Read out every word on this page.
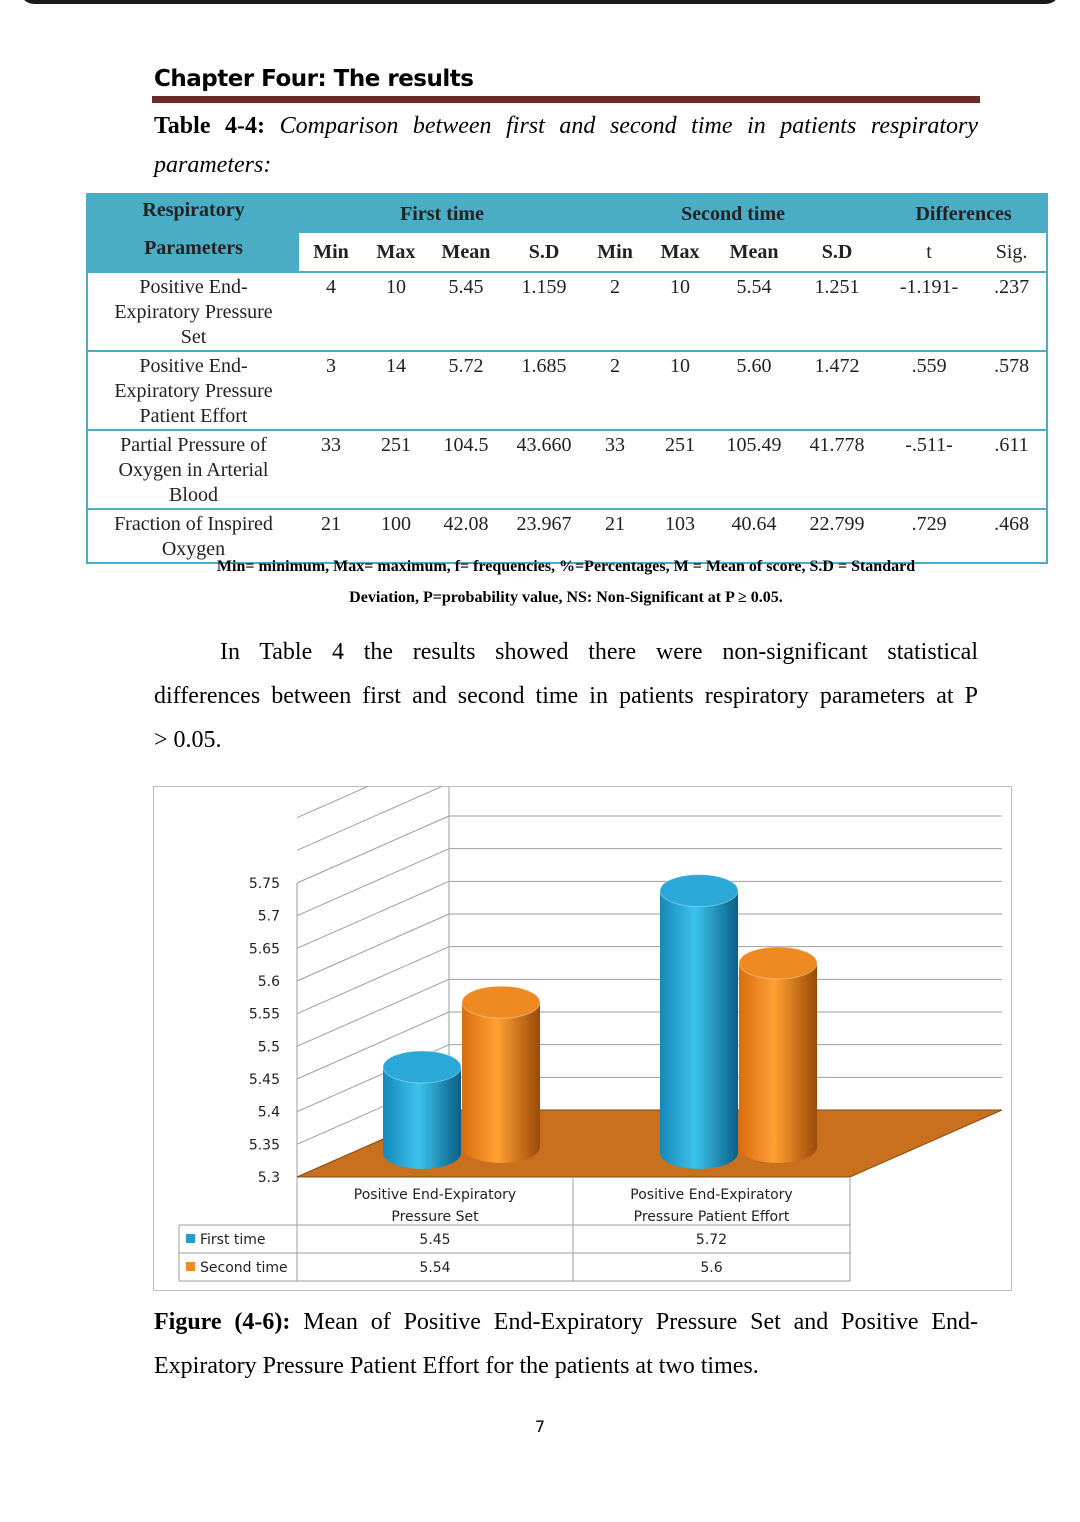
Chapter Four: The results
Table 4-4: Comparison between first and second time in patients respiratory
parameters:
Respiratory
Parameters	First time				Second time				Differences	
	Min	Max	Mean	S.D	Min	Max	Mean	S.D	t	Sig.

Positive End-
Expiratory Pressure
Set	4	10	5.45	1.159	2	10	5.54	1.251	-1.191-	.237

Positive End-
Expiratory Pressure
Patient Effort	3	14	5.72	1.685	2	10	5.60	1.472	.559	.578

Partial Pressure of
Oxygen in Arterial
Blood	33	251	104.5	43.660	33	251	105.49	41.778	-.511-	.611

Fraction of Inspired
Oxygen	21	100	42.08	23.967	21	103	40.64	22.799	.729	.468
Min= minimum, Max= maximum, f= frequencies, %=Percentages, M = Mean of score, S.D = Standard
Deviation, P=probability value, NS: Non-Significant at P ≥ 0.05.
In Table 4 the results showed there were non-significant statistical
differences between first and second time in patients respiratory parameters at P
> 0.05.
5.75
5.7
5.65
5.6
5.55
5.5
5.45
5.4
5.35
5.3
Positive End-Expiratory
Pressure Set
Positive End-Expiratory
Pressure Patient Effort
First time	5.45	5.72
Second time	5.54	5.6
Figure (4-6): Mean of Positive End-Expiratory Pressure Set and Positive End-
Expiratory Pressure Patient Effort for the patients at two times.
7
